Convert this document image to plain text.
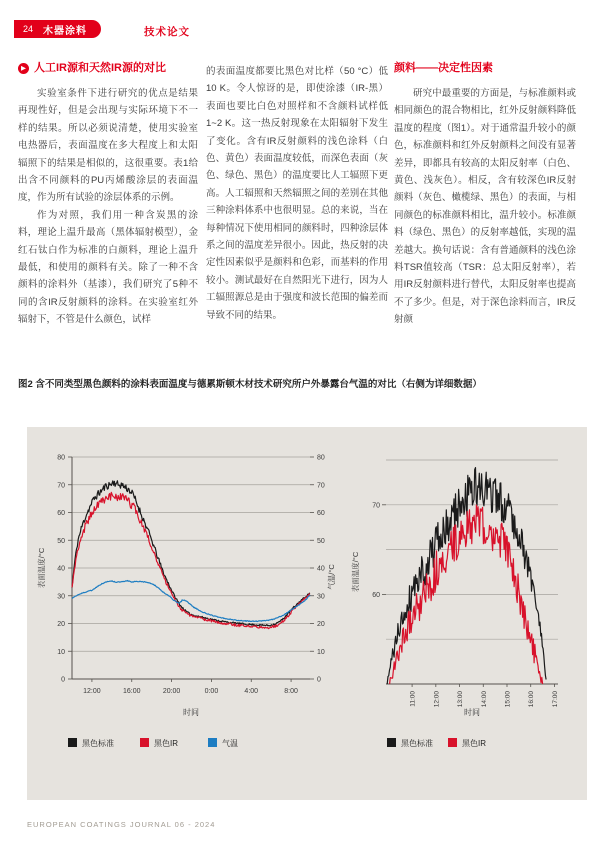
24 木器涂料	技术论文
▶ 人工IR源和天然IR源的对比

实验室条件下进行研究的优点是结果再现性好，但是会出现与实际环境下不一样的结果。所以必须说清楚，使用实验室电热器后，表面温度在多大程度上和太阳辐照下的结果是相似的，这很重要。表1给出含不同颜料的PU丙烯酸涂层的表面温度，作为所有试验的涂层体系的示例。

作为对照，我们用一种含炭黑的涂料，理论上温升最高（黑体辐射模型），金红石钛白作为标准的白颜料，理论上温升最低，和使用的颜料有关。除了一种不含颜料的涂料外（基漆），我们研究了5种不同的含IR反射颜料的涂料。在实验室红外辐射下，不管是什么颜色，试样

的表面温度都要比黑色对比样（50 °C）低10 K。令人惊讶的是，即使涂漆（IR-黑）表面也要比白色对照样和不含颜料试样低1~2 K。这一热反射现象在太阳辐射下发生了变化。含有IR反射颜料的浅色涂料（白色、黄色）表面温度较低，而深色表面（灰色、绿色、黑色）的温度要比人工辐照下更高。人工辐照和天然辐照之间的差别在其他三种涂料体系中也很明显。总的来说，当在每种情况下使用相同的颜料时，四种涂层体系之间的温度差异很小。因此，热反射的决定性因素似乎是颜料和色彩，而基料的作用较小。测试最好在自然阳光下进行，因为人工辐照源总是由于强度和波长范围的偏差而导致不同的结果。

颜料——决定性因素

研究中最重要的方面是，与标准颜料或相同颜色的混合物相比，红外反射颜料降低温度的程度（图1）。对于通常温升较小的颜色，标准颜料和红外反射颜料之间没有显著差异，即都具有较高的太阳反射率（白色、黄色、浅灰色）。相反，含有较深色IR反射颜料（灰色、橄榄绿、黑色）的表面，与相同颜色的标准颜料相比，温升较小。标准颜料（绿色、黑色）的反射率越低，实现的温差越大。换句话说：含有普通颜料的浅色涂料TSR值较高（TSR：总太阳反射率），若用IR反射颜料进行替代，太阳反射率也提高不了多少。但是，对于深色涂料而言，IR反射颜

图2 含不同类型黑色颜料的涂料表面温度与德累斯顿木材技术研究所户外暴露台气温的对比（右侧为详细数据）
0	0
10	10
20	20
30	30
40	40
50	50
60	60
70	70
80	80
12:00	16:00	20:00	0:00	4:00	8:00
表面温度/°C	气温/°C
时间
黑色标准	黑色IR	气温
70
60
11:00	12:00	13:00	14:00	15:00	16:00	17:00
表面温度/°C
时间
黑色标准	黑色IR
EUROPEAN COATINGS JOURNAL 06 - 2024
